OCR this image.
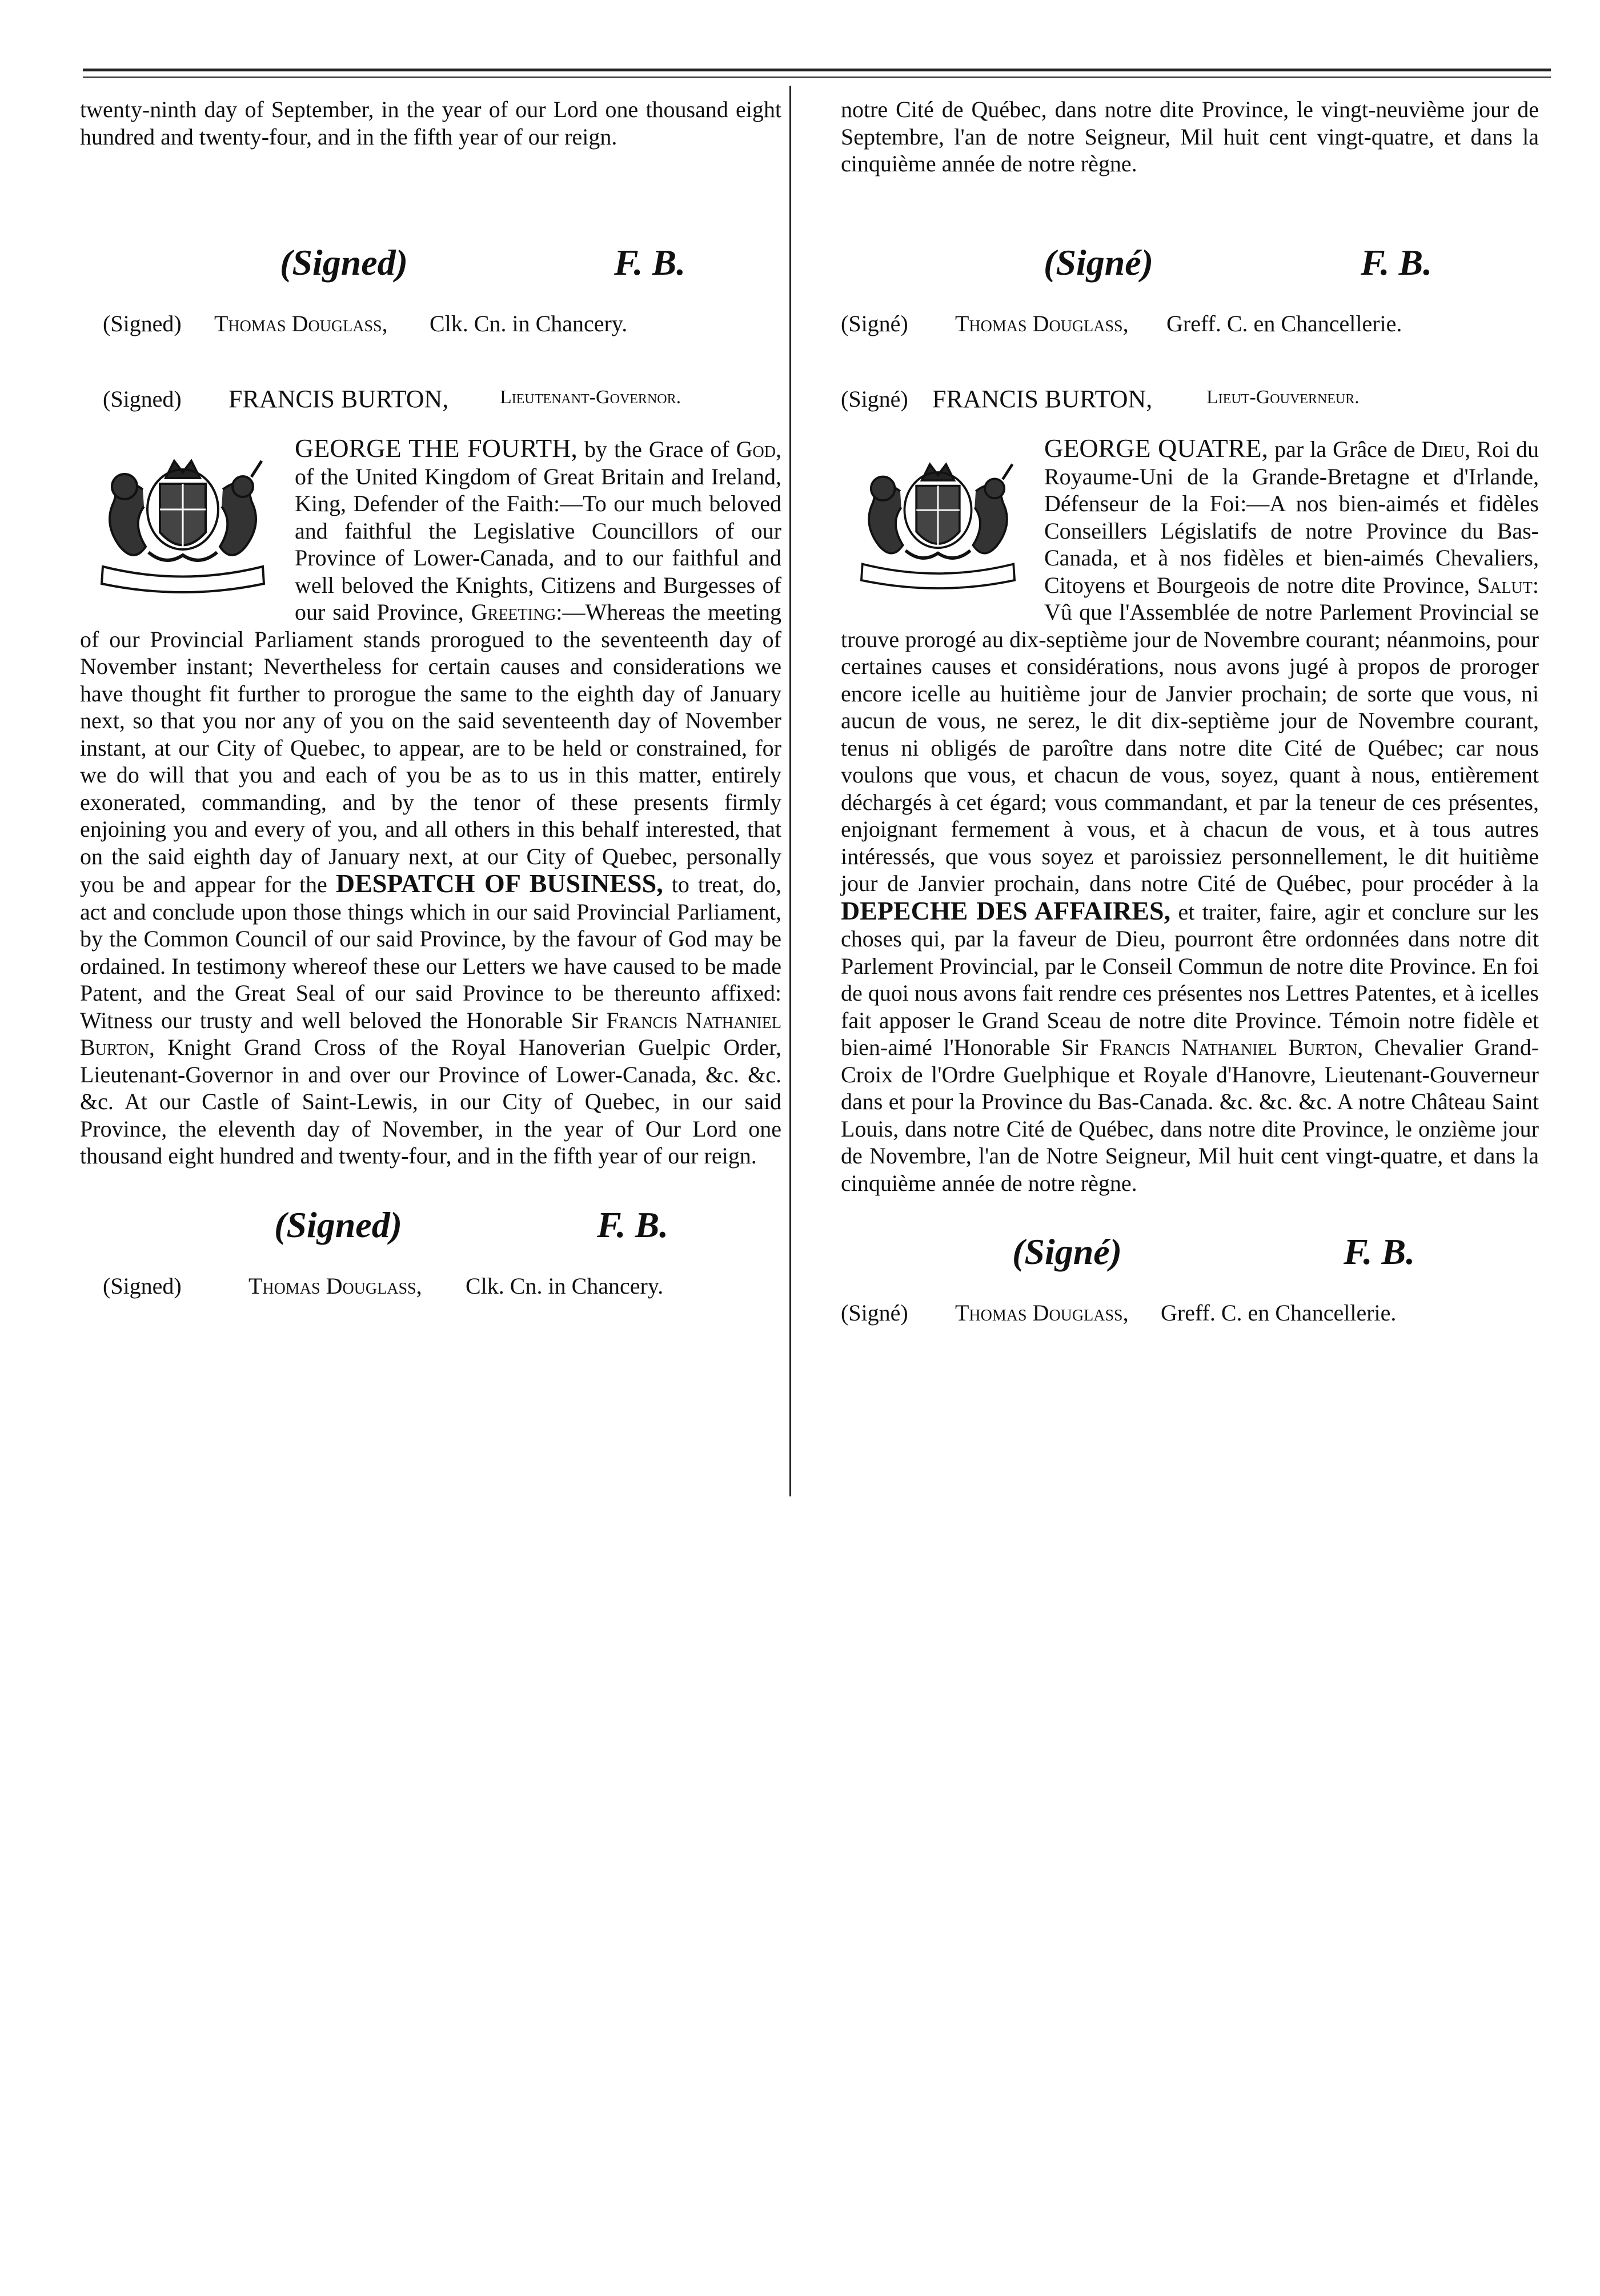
twenty-ninth day of September, in the year of our Lord one thousand eight hundred and twenty-four, and in the fifth year of our reign.

(Signed)	F. B.
(Signed) Thomas Douglass, Clk. Cn. in Chancery.
(Signed) FRANCIS BURTON,	Lieutenant-Governor.
GEORGE THE FOURTH, by the Grace of God, of the United Kingdom of Great Britain and Ireland, King, Defender of the Faith:—To our much beloved and faithful the Legislative Councillors of our Province of Lower-Canada, and to our faithful and well beloved the Knights, Citizens and Burgesses of our said Province, Greeting:—Whereas the meeting of our Provincial Parliament stands prorogued to the seventeenth day of November instant; Nevertheless for certain causes and considerations we have thought fit further to prorogue the same to the eighth day of January next, so that you nor any of you on the said seventeenth day of November instant, at our City of Quebec, to appear, are to be held or constrained, for we do will that you and each of you be as to us in this matter, entirely exonerated, commanding, and by the tenor of these presents firmly enjoining you and every of you, and all others in this behalf interested, that on the said eighth day of January next, at our City of Quebec, personally you be and appear for the DESPATCH OF BUSINESS, to treat, do, act and conclude upon those things which in our said Provincial Parliament, by the Common Council of our said Province, by the favour of God may be ordained. In testimony whereof these our Letters we have caused to be made Patent, and the Great Seal of our said Province to be thereunto affixed: Witness our trusty and well beloved the Honorable Sir Francis Nathaniel Burton, Knight Grand Cross of the Royal Hanoverian Guelpic Order, Lieutenant-Governor in and over our Province of Lower-Canada, &c. &c. &c. At our Castle of Saint-Lewis, in our City of Quebec, in our said Province, the eleventh day of November, in the year of Our Lord one thousand eight hundred and twenty-four, and in the fifth year of our reign.
(Signed)	F. B.
(Signed)	Thomas Douglass, Clk. Cn. in Chancery.

notre Cité de Québec, dans notre dite Province, le vingt-neuvième jour de Septembre, l'an de notre Seigneur, Mil huit cent vingt-quatre, et dans la cinquième année de notre règne.

(Signé)	F. B.
(Signé) Thomas Douglass, Greff. C. en Chancellerie.
(Signé) FRANCIS BURTON,	Lieut-Gouverneur.
GEORGE QUATRE, par la Grâce de Dieu, Roi du Royaume-Uni de la Grande-Bretagne et d'Irlande, Défenseur de la Foi:—A nos bien-aimés et fidèles Conseillers Législatifs de notre Province du Bas-Canada, et à nos fidèles et bien-aimés Chevaliers, Citoyens et Bourgeois de notre dite Province, Salut: Vû que l'Assemblée de notre Parlement Provincial se trouve prorogé au dix-septième jour de Novembre courant; néanmoins, pour certaines causes et considérations, nous avons jugé à propos de proroger encore icelle au huitième jour de Janvier prochain; de sorte que vous, ni aucun de vous, ne serez, le dit dix-septième jour de Novembre courant, tenus ni obligés de paroître dans notre dite Cité de Québec; car nous voulons que vous, et chacun de vous, soyez, quant à nous, entièrement déchargés à cet égard; vous commandant, et par la teneur de ces présentes, enjoignant fermement à vous, et à chacun de vous, et à tous autres intéressés, que vous soyez et paroissiez personnellement, le dit huitième jour de Janvier prochain, dans notre Cité de Québec, pour procéder à la DEPECHE DES AFFAIRES, et traiter, faire, agir et conclure sur les choses qui, par la faveur de Dieu, pourront être ordonnées dans notre dit Parlement Provincial, par le Conseil Commun de notre dite Province. En foi de quoi nous avons fait rendre ces présentes nos Lettres Patentes, et à icelles fait apposer le Grand Sceau de notre dite Province. Témoin notre fidèle et bien-aimé l'Honorable Sir Francis Nathaniel Burton, Chevalier Grand-Croix de l'Ordre Guelphique et Royale d'Hanovre, Lieutenant-Gouverneur dans et pour la Province du Bas-Canada. &c. &c. &c. A notre Château Saint Louis, dans notre Cité de Québec, dans notre dite Province, le onzième jour de Novembre, l'an de Notre Seigneur, Mil huit cent vingt-quatre, et dans la cinquième année de notre règne.
(Signé)	F. B.
(Signé) Thomas Douglass, Greff. C. en Chancellerie.
